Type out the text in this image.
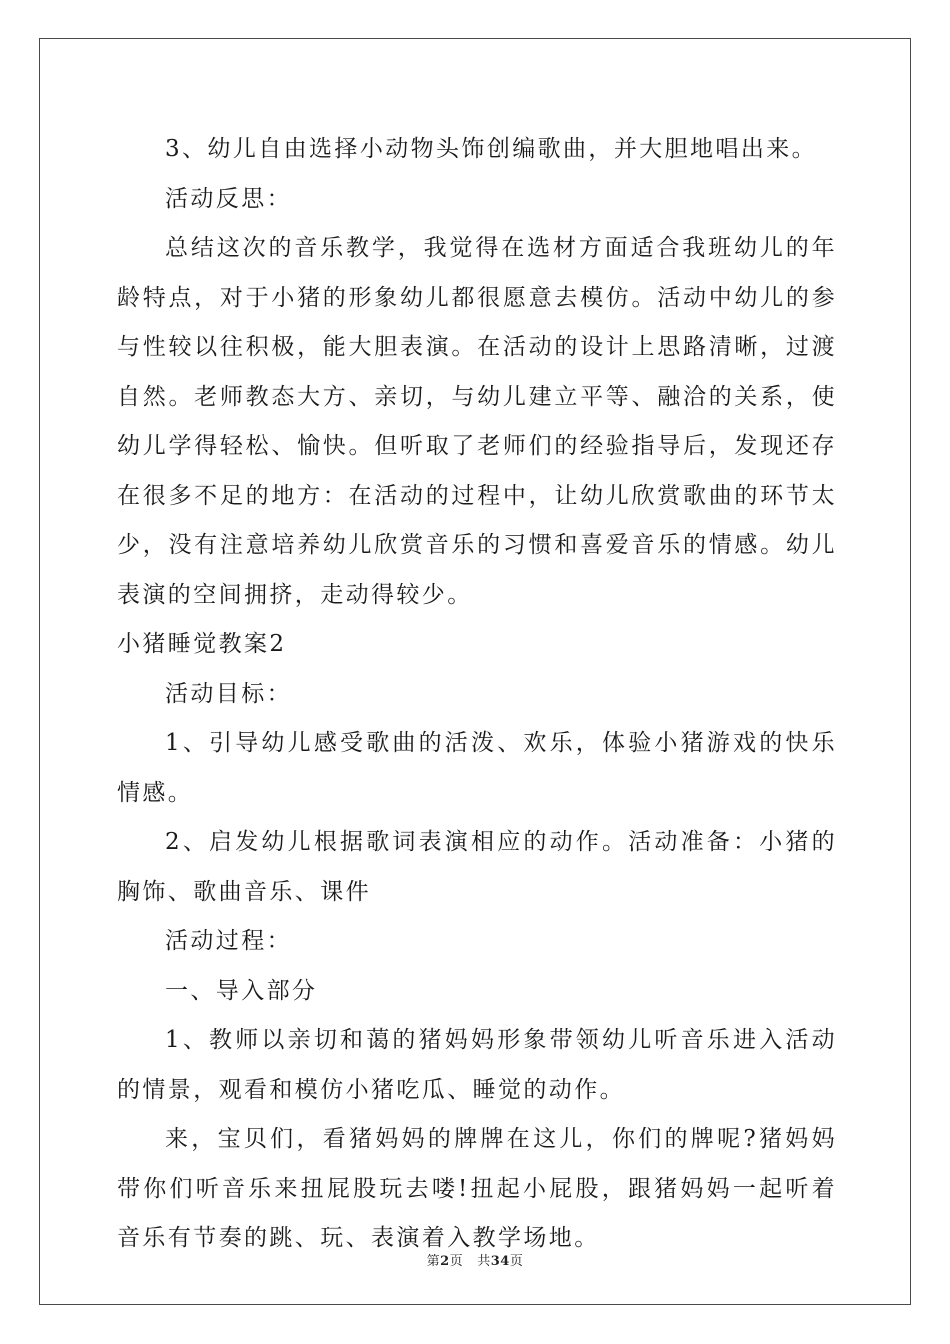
3、幼儿自由选择小动物头饰创编歌曲，并大胆地唱出来。

活动反思：

总结这次的音乐教学，我觉得在选材方面适合我班幼儿的年龄特点，对于小猪的形象幼儿都很愿意去模仿。活动中幼儿的参与性较以往积极，能大胆表演。在活动的设计上思路清晰，过渡自然。老师教态大方、亲切，与幼儿建立平等、融洽的关系，使幼儿学得轻松、愉快。但听取了老师们的经验指导后，发现还存在很多不足的地方：在活动的过程中，让幼儿欣赏歌曲的环节太少，没有注意培养幼儿欣赏音乐的习惯和喜爱音乐的情感。幼儿表演的空间拥挤，走动得较少。

小猪睡觉教案2

活动目标：

1、引导幼儿感受歌曲的活泼、欢乐，体验小猪游戏的快乐情感。

2、启发幼儿根据歌词表演相应的动作。活动准备：小猪的胸饰、歌曲音乐、课件

活动过程：

一、导入部分

1、教师以亲切和蔼的猪妈妈形象带领幼儿听音乐进入活动的情景，观看和模仿小猪吃瓜、睡觉的动作。

来，宝贝们，看猪妈妈的牌牌在这儿，你们的牌呢?猪妈妈带你们听音乐来扭屁股玩去喽!扭起小屁股，跟猪妈妈一起听着音乐有节奏的跳、玩、表演着入教学场地。

第2页 共34页
